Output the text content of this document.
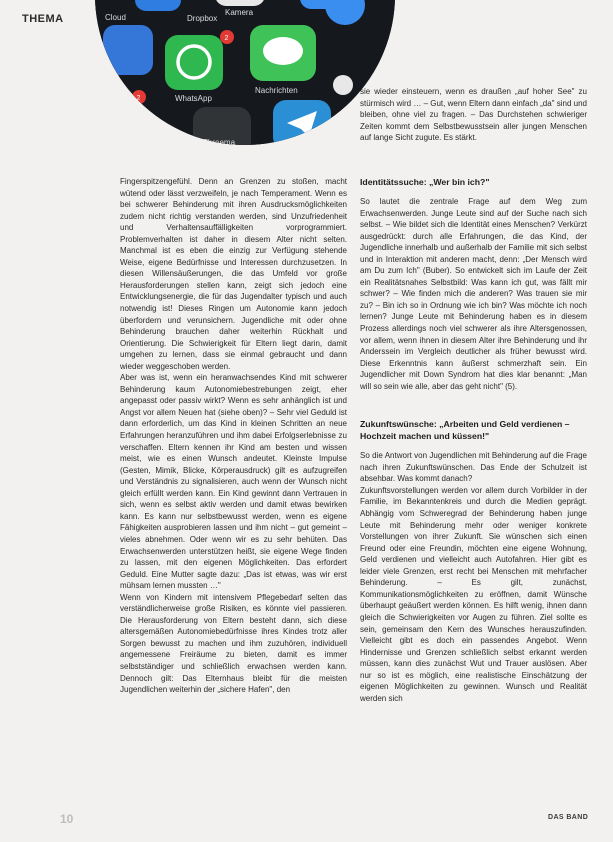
THEMA	Dropbox
WhatsApp
Kamera
Nachrichten
Threema
Cloud
2
2

sie wieder einsteuern, wenn es draußen „auf hoher See" zu stürmisch wird … – Gut, wenn Eltern dann einfach „da" sind und bleiben, ohne viel zu fragen. – Das Durchstehen schwieriger Zeiten kommt dem Selbstbewusstsein aller jungen Menschen auf lange Sicht zugute. Es stärkt.

Fingerspitzengefühl. Denn an Grenzen zu stoßen, macht wütend oder lässt verzweifeln, je nach Temperament. Wenn es bei schwerer Behinderung mit ihren Ausdrucksmöglichkeiten zudem nicht richtig verstanden werden, sind Unzufriedenheit und Verhaltensauffälligkeiten vorprogrammiert. Problemverhalten ist daher in diesem Alter nicht selten. Manchmal ist es eben die einzig zur Verfügung stehende Weise, eigene Bedürfnisse und Interessen durchzusetzen. In diesen Willensäußerungen, die das Umfeld vor große Herausforderungen stellen kann, zeigt sich jedoch eine Entwicklungsenergie, die für das Jugendalter typisch und auch notwendig ist! Dieses Ringen um Autonomie kann jedoch überfordern und verunsichern. Jugendliche mit oder ohne Behinderung brauchen daher weiterhin Rückhalt und Orientierung. Die Schwierigkeit für Eltern liegt darin, damit umgehen zu lernen, dass sie einmal gebraucht und dann wieder weggeschoben werden.

Aber was ist, wenn ein heranwachsendes Kind mit schwerer Behinderung kaum Autonomiebestrebungen zeigt, eher angepasst oder passiv wirkt? Wenn es sehr anhänglich ist und Angst vor allem Neuen hat (siehe oben)? – Sehr viel Geduld ist dann erforderlich, um das Kind in kleinen Schritten an neue Erfahrungen heranzuführen und ihm dabei Erfolgserlebnisse zu verschaffen. Eltern kennen ihr Kind am besten und wissen meist, wie es einen Wunsch andeutet. Kleinste Impulse (Gesten, Mimik, Blicke, Körperausdruck) gilt es aufzugreifen und Verständnis zu signalisieren, auch wenn der Wunsch nicht gleich erfüllt werden kann. Ein Kind gewinnt dann Vertrauen in sich, wenn es selbst aktiv werden und damit etwas bewirken kann. Es kann nur selbstbewusst werden, wenn es eigene Fähigkeiten ausprobieren lassen und ihm nicht – gut gemeint – vieles abnehmen. Oder wenn wir es zu sehr behüten. Das Erwachsenwerden unterstützen heißt, sie eigene Wege finden zu lassen, mit den eigenen Möglichkeiten. Das erfordert Geduld. Eine Mutter sagte dazu: „Das ist etwas, was wir erst mühsam lernen mussten …"

Wenn von Kindern mit intensivem Pflegebedarf selten das verständlicherweise große Risiken, es könnte viel passieren. Die Herausforderung von Eltern besteht dann, sich diese altersgemäßen Autonomiebedürfnisse ihres Kindes trotz aller Sorgen bewusst zu machen und ihm zuzuhören, individuell angemessene Freiräume zu bieten, damit es immer selbstständiger und schließlich erwachsen werden kann. Dennoch gilt: Das Elternhaus bleibt für die meisten Jugendlichen weiterhin der „sichere Hafen", den

Identitätssuche: „Wer bin ich?"

So lautet die zentrale Frage auf dem Weg zum Erwachsenwerden. Junge Leute sind auf der Suche nach sich selbst. – Wie bildet sich die Identität eines Menschen? Verkürzt ausgedrückt: durch alle Erfahrungen, die das Kind, der Jugendliche innerhalb und außerhalb der Familie mit sich selbst und in Interaktion mit anderen macht, denn: „Der Mensch wird am Du zum Ich" (Buber). So entwickelt sich im Laufe der Zeit ein Realitätsnahes Selbstbild: Was kann ich gut, was fällt mir schwer? – Wie finden mich die anderen? Was trauen sie mir zu? – Bin ich so in Ordnung wie ich bin? Was möchte ich noch lernen? Junge Leute mit Behinderung haben es in diesem Prozess allerdings noch viel schwerer als ihre Altersgenossen, vor allem, wenn ihnen in diesem Alter ihre Behinderung und ihr Anderssein im Vergleich deutlicher als früher bewusst wird. Diese Erkenntnis kann äußerst schmerzhaft sein. Ein Jugendlicher mit Down Syndrom hat dies klar benannt: „Man will so sein wie alle, aber das geht nicht" (5).

Zukunftswünsche: „Arbeiten und Geld verdienen – Hochzeit machen und küssen!"

So die Antwort von Jugendlichen mit Behinderung auf die Frage nach ihren Zukunftswünschen. Das Ende der Schulzeit ist absehbar. Was kommt danach?

Zukunftsvorstellungen werden vor allem durch Vorbilder in der Familie, im Bekanntenkreis und durch die Medien geprägt. Abhängig vom Schweregrad der Behinderung haben junge Leute mit Behinderung mehr oder weniger konkrete Vorstellungen von ihrer Zukunft. Sie wünschen sich einen Freund oder eine Freundin, möchten eine eigene Wohnung, Geld verdienen und vielleicht auch Autofahren. Hier gibt es leider viele Grenzen, erst recht bei Menschen mit mehrfacher Behinderung. – Es gilt, zunächst, Kommunikationsmöglichkeiten zu eröffnen, damit Wünsche überhaupt geäußert werden können. Es hilft wenig, ihnen dann gleich die Schwierigkeiten vor Augen zu führen. Ziel sollte es sein, gemeinsam den Kern des Wunsches herauszufinden. Vielleicht gibt es doch ein passendes Angebot. Wenn Hindernisse und Grenzen schließlich selbst erkannt werden müssen, kann dies zunächst Wut und Trauer auslösen. Aber nur so ist es möglich, eine realistische Einschätzung der eigenen Möglichkeiten zu gewinnen. Wunsch und Realität werden sich

10	DAS BAND
